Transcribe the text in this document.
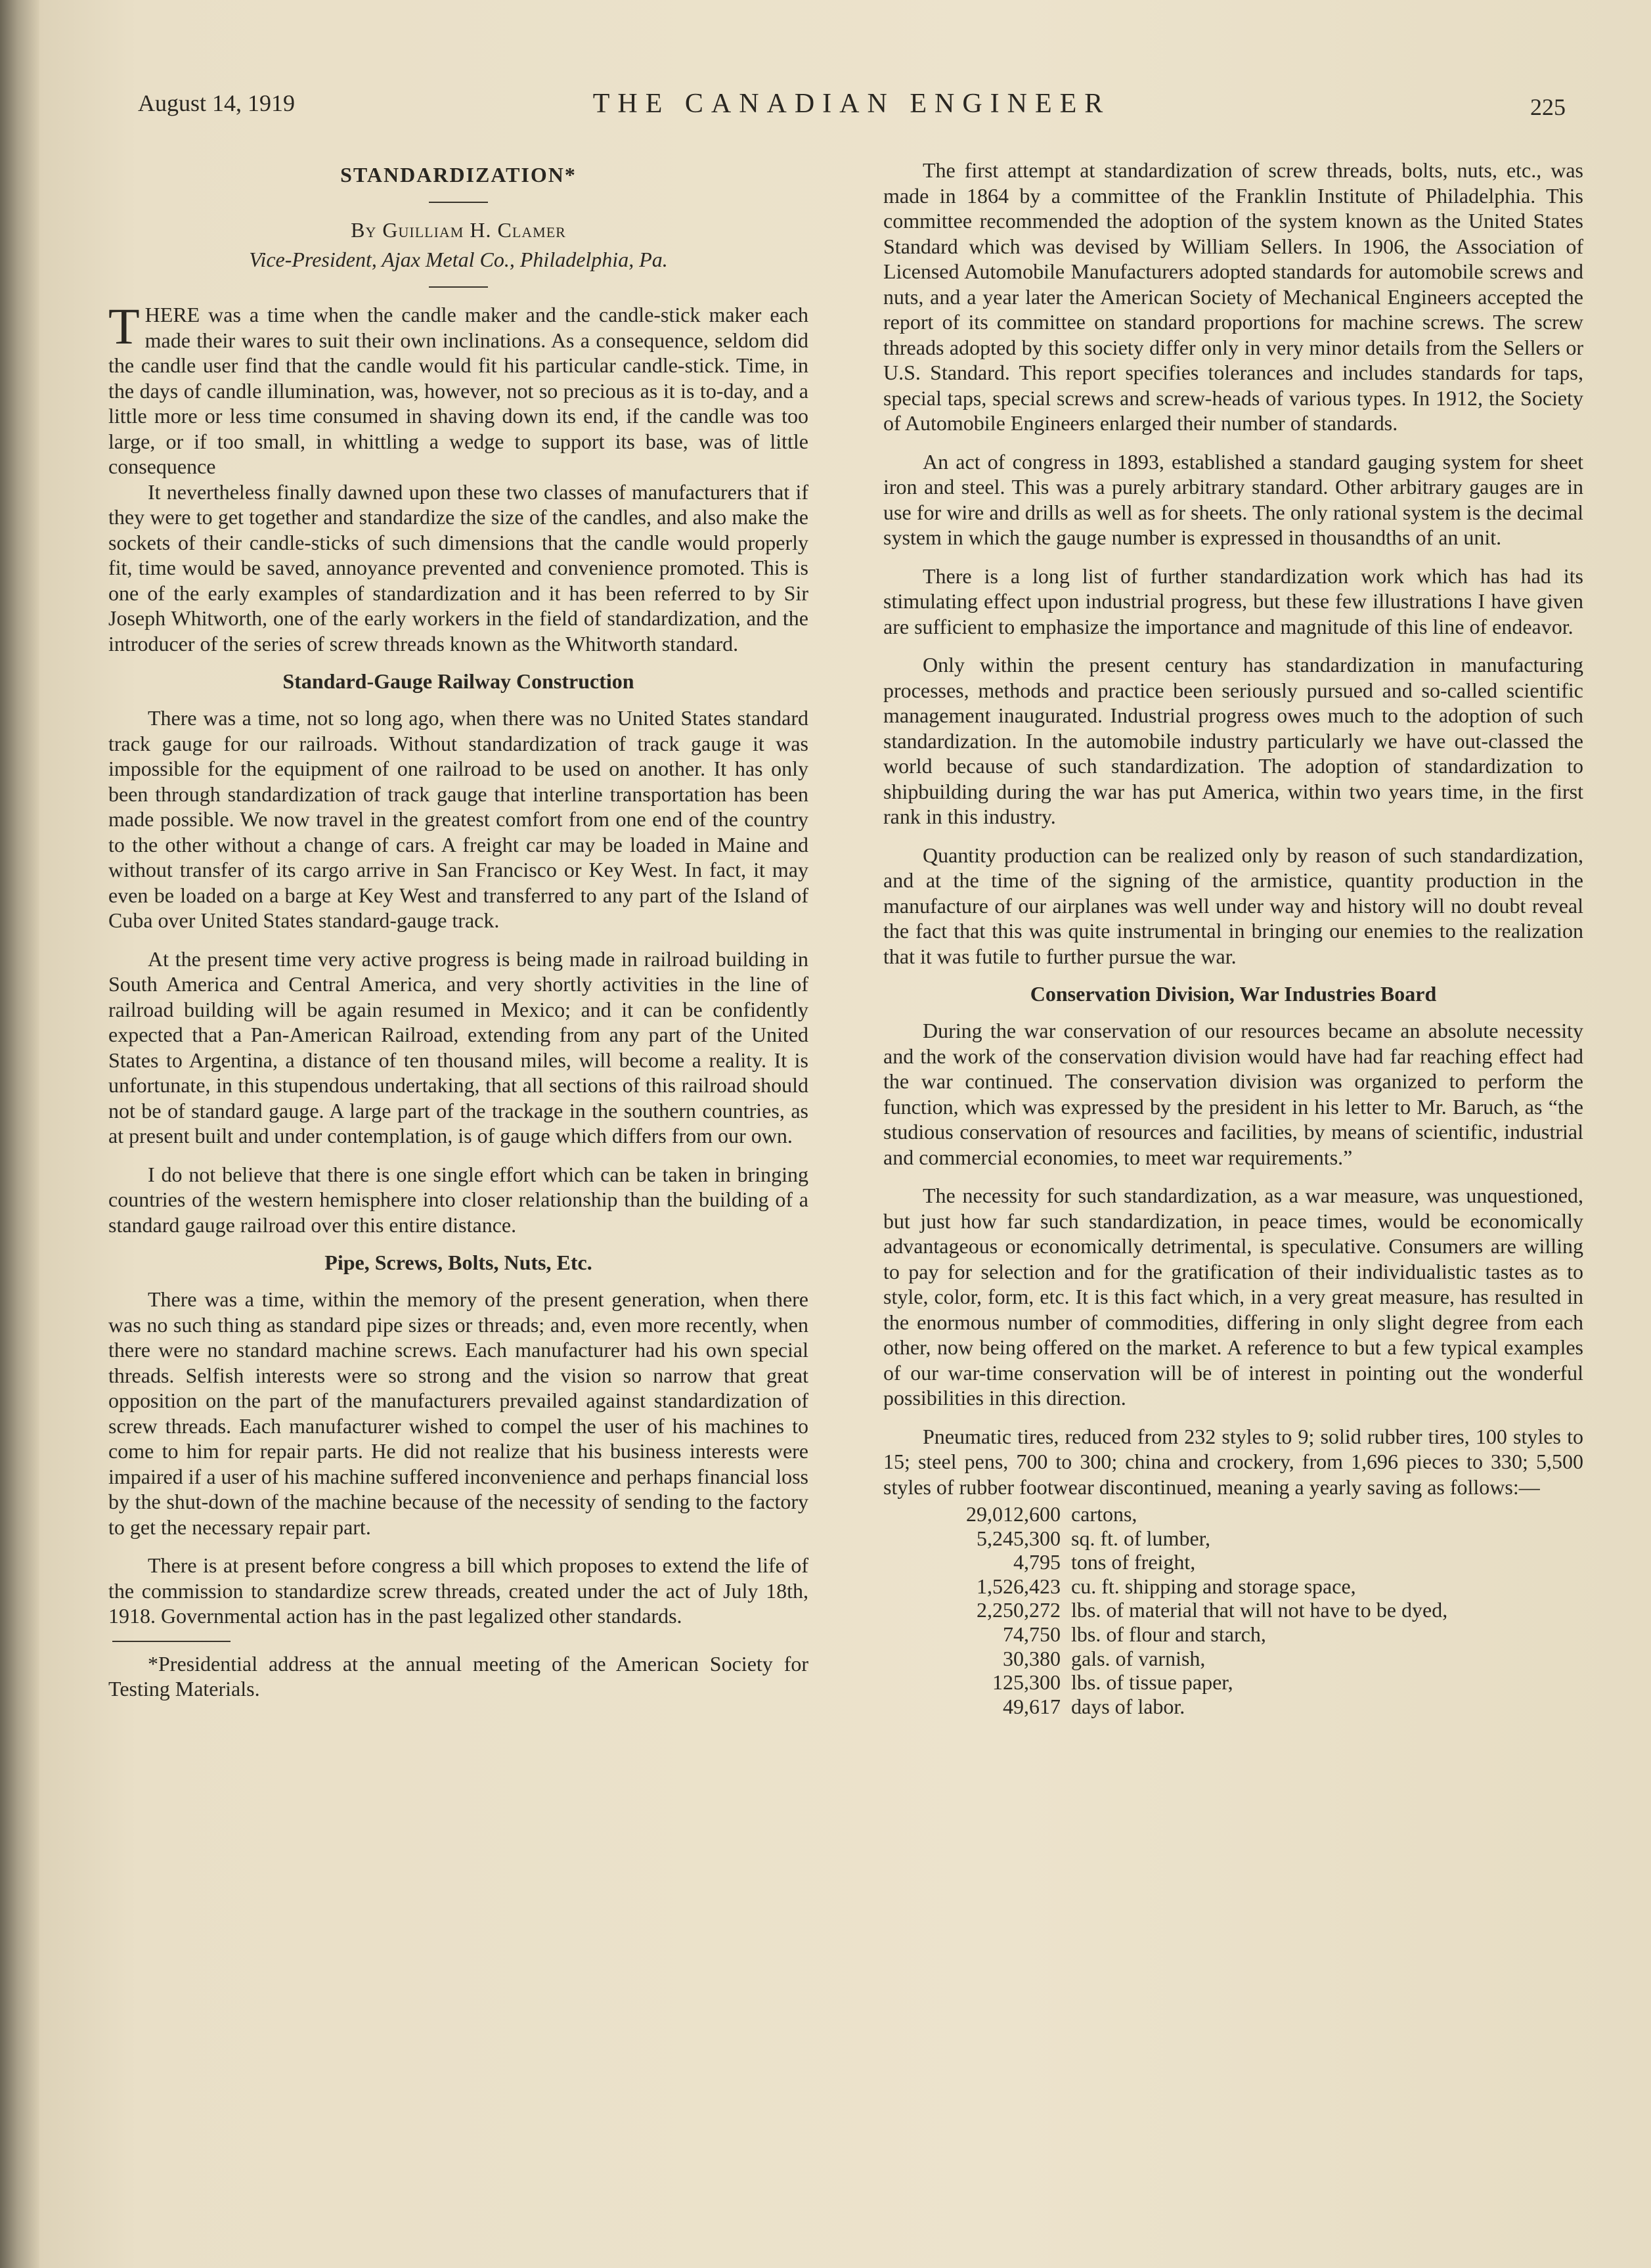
August 14, 1919	THE CANADIAN ENGINEER	225
STANDARDIZATION*

By Guilliam H. Clamer

Vice-President, Ajax Metal Co., Philadelphia, Pa.

THERE was a time when the candle maker and the candle-stick maker each made their wares to suit their own inclinations. As a consequence, seldom did the candle user find that the candle would fit his particular candle-stick. Time, in the days of candle illumination, was, however, not so precious as it is to-day, and a little more or less time consumed in shaving down its end, if the candle was too large, or if too small, in whittling a wedge to support its base, was of little consequence

It nevertheless finally dawned upon these two classes of manufacturers that if they were to get together and standardize the size of the candles, and also make the sockets of their candle-sticks of such dimensions that the candle would properly fit, time would be saved, annoyance prevented and convenience promoted. This is one of the early examples of standardization and it has been referred to by Sir Joseph Whitworth, one of the early workers in the field of standardization, and the introducer of the series of screw threads known as the Whitworth standard.

Standard-Gauge Railway Construction

There was a time, not so long ago, when there was no United States standard track gauge for our railroads. Without standardization of track gauge it was impossible for the equipment of one railroad to be used on another. It has only been through standardization of track gauge that interline transportation has been made possible. We now travel in the greatest comfort from one end of the country to the other without a change of cars. A freight car may be loaded in Maine and without transfer of its cargo arrive in San Francisco or Key West. In fact, it may even be loaded on a barge at Key West and transferred to any part of the Island of Cuba over United States standard-gauge track.

At the present time very active progress is being made in railroad building in South America and Central America, and very shortly activities in the line of railroad building will be again resumed in Mexico; and it can be confidently expected that a Pan-American Railroad, extending from any part of the United States to Argentina, a distance of ten thousand miles, will become a reality. It is unfortunate, in this stupendous undertaking, that all sections of this railroad should not be of standard gauge. A large part of the trackage in the southern countries, as at present built and under contemplation, is of gauge which differs from our own.

I do not believe that there is one single effort which can be taken in bringing countries of the western hemisphere into closer relationship than the building of a standard gauge railroad over this entire distance.

Pipe, Screws, Bolts, Nuts, Etc.

There was a time, within the memory of the present generation, when there was no such thing as standard pipe sizes or threads; and, even more recently, when there were no standard machine screws. Each manufacturer had his own special threads. Selfish interests were so strong and the vision so narrow that great opposition on the part of the manufacturers prevailed against standardization of screw threads. Each manufacturer wished to compel the user of his machines to come to him for repair parts. He did not realize that his business interests were impaired if a user of his machine suffered inconvenience and perhaps financial loss by the shut-down of the machine because of the necessity of sending to the factory to get the necessary repair part.

There is at present before congress a bill which proposes to extend the life of the commission to standardize screw threads, created under the act of July 18th, 1918. Governmental action has in the past legalized other standards.

*Presidential address at the annual meeting of the American Society for Testing Materials.

The first attempt at standardization of screw threads, bolts, nuts, etc., was made in 1864 by a committee of the Franklin Institute of Philadelphia. This committee recommended the adoption of the system known as the United States Standard which was devised by William Sellers. In 1906, the Association of Licensed Automobile Manufacturers adopted standards for automobile screws and nuts, and a year later the American Society of Mechanical Engineers accepted the report of its committee on standard proportions for machine screws. The screw threads adopted by this society differ only in very minor details from the Sellers or U.S. Standard. This report specifies tolerances and includes standards for taps, special taps, special screws and screw-heads of various types. In 1912, the Society of Automobile Engineers enlarged their number of standards.

An act of congress in 1893, established a standard gauging system for sheet iron and steel. This was a purely arbitrary standard. Other arbitrary gauges are in use for wire and drills as well as for sheets. The only rational system is the decimal system in which the gauge number is expressed in thousandths of an unit.

There is a long list of further standardization work which has had its stimulating effect upon industrial progress, but these few illustrations I have given are sufficient to emphasize the importance and magnitude of this line of endeavor.

Only within the present century has standardization in manufacturing processes, methods and practice been seriously pursued and so-called scientific management inaugurated. Industrial progress owes much to the adoption of such standardization. In the automobile industry particularly we have out-classed the world because of such standardization. The adoption of standardization to shipbuilding during the war has put America, within two years time, in the first rank in this industry.

Quantity production can be realized only by reason of such standardization, and at the time of the signing of the armistice, quantity production in the manufacture of our airplanes was well under way and history will no doubt reveal the fact that this was quite instrumental in bringing our enemies to the realization that it was futile to further pursue the war.

Conservation Division, War Industries Board

During the war conservation of our resources became an absolute necessity and the work of the conservation division would have had far reaching effect had the war continued. The conservation division was organized to perform the function, which was expressed by the president in his letter to Mr. Baruch, as “the studious conservation of resources and facilities, by means of scientific, industrial and commercial economies, to meet war requirements.”

The necessity for such standardization, as a war measure, was unquestioned, but just how far such standardization, in peace times, would be economically advantageous or economically detrimental, is speculative. Consumers are willing to pay for selection and for the gratification of their individualistic tastes as to style, color, form, etc. It is this fact which, in a very great measure, has resulted in the enormous number of commodities, differing in only slight degree from each other, now being offered on the market. A reference to but a few typical examples of our war-time conservation will be of interest in pointing out the wonderful possibilities in this direction.

Pneumatic tires, reduced from 232 styles to 9; solid rubber tires, 100 styles to 15; steel pens, 700 to 300; china and crockery, from 1,696 pieces to 330; 5,500 styles of rubber footwear discontinued, meaning a yearly saving as follows:—

29,012,600 cartons,
5,245,300 sq. ft. of lumber,
4,795 tons of freight,
1,526,423 cu. ft. shipping and storage space,
2,250,272 lbs. of material that will not have to be dyed,
74,750 lbs. of flour and starch,
30,380 gals. of varnish,
125,300 lbs. of tissue paper,
49,617 days of labor.
